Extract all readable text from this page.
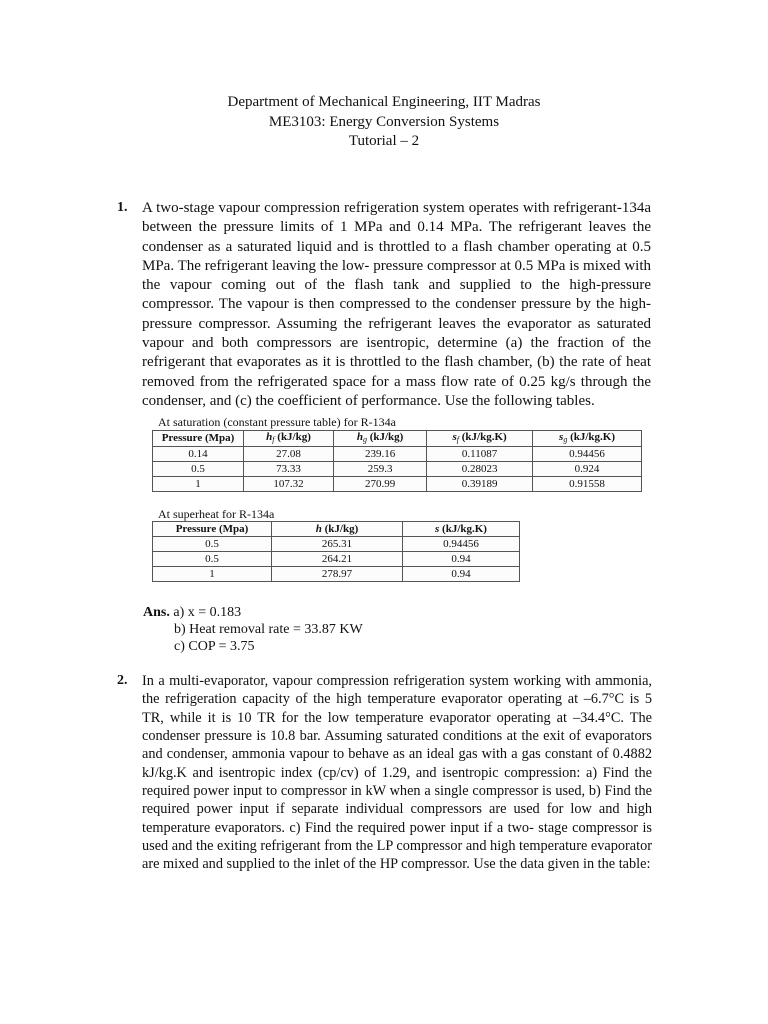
Department of Mechanical Engineering, IIT Madras
ME3103: Energy Conversion Systems
Tutorial – 2
1. A two-stage vapour compression refrigeration system operates with refrigerant-134a between the pressure limits of 1 MPa and 0.14 MPa. The refrigerant leaves the condenser as a saturated liquid and is throttled to a flash chamber operating at 0.5 MPa. The refrigerant leaving the low- pressure compressor at 0.5 MPa is mixed with the vapour coming out of the flash tank and supplied to the high-pressure compressor. The vapour is then compressed to the condenser pressure by the high-pressure compressor. Assuming the refrigerant leaves the evaporator as saturated vapour and both compressors are isentropic, determine (a) the fraction of the refrigerant that evaporates as it is throttled to the flash chamber, (b) the rate of heat removed from the refrigerated space for a mass flow rate of 0.25 kg/s through the condenser, and (c) the coefficient of performance. Use the following tables.
At saturation (constant pressure table) for R-134a
Pressure (Mpa)	$h_f$ (kJ/kg)	$h_g$ (kJ/kg)	$s_f$ (kJ/kg.K)	$s_g$ (kJ/kg.K)
0.14	27.08	239.16	0.11087	0.94456
0.5	73.33	259.3	0.28023	0.924
1	107.32	270.99	0.39189	0.91558
At superheat for R-134a
Pressure (Mpa)	h (kJ/kg)	s (kJ/kg.K)
0.5	265.31	0.94456
0.5	264.21	0.94
1	278.97	0.94
Ans. a) x = 0.183
b) Heat removal rate = 33.87 KW
c) COP = 3.75
2. In a multi-evaporator, vapour compression refrigeration system working with ammonia, the refrigeration capacity of the high temperature evaporator operating at –6.7°C is 5 TR, while it is 10 TR for the low temperature evaporator operating at –34.4°C. The condenser pressure is 10.8 bar. Assuming saturated conditions at the exit of evaporators and condenser, ammonia vapour to behave as an ideal gas with a gas constant of 0.4882 kJ/kg.K and isentropic index (cp/cv) of 1.29, and isentropic compression: a) Find the required power input to compressor in kW when a single compressor is used, b) Find the required power input if separate individual compressors are used for low and high temperature evaporators. c) Find the required power input if a two- stage compressor is used and the exiting refrigerant from the LP compressor and high temperature evaporator are mixed and supplied to the inlet of the HP compressor. Use the data given in the table:
